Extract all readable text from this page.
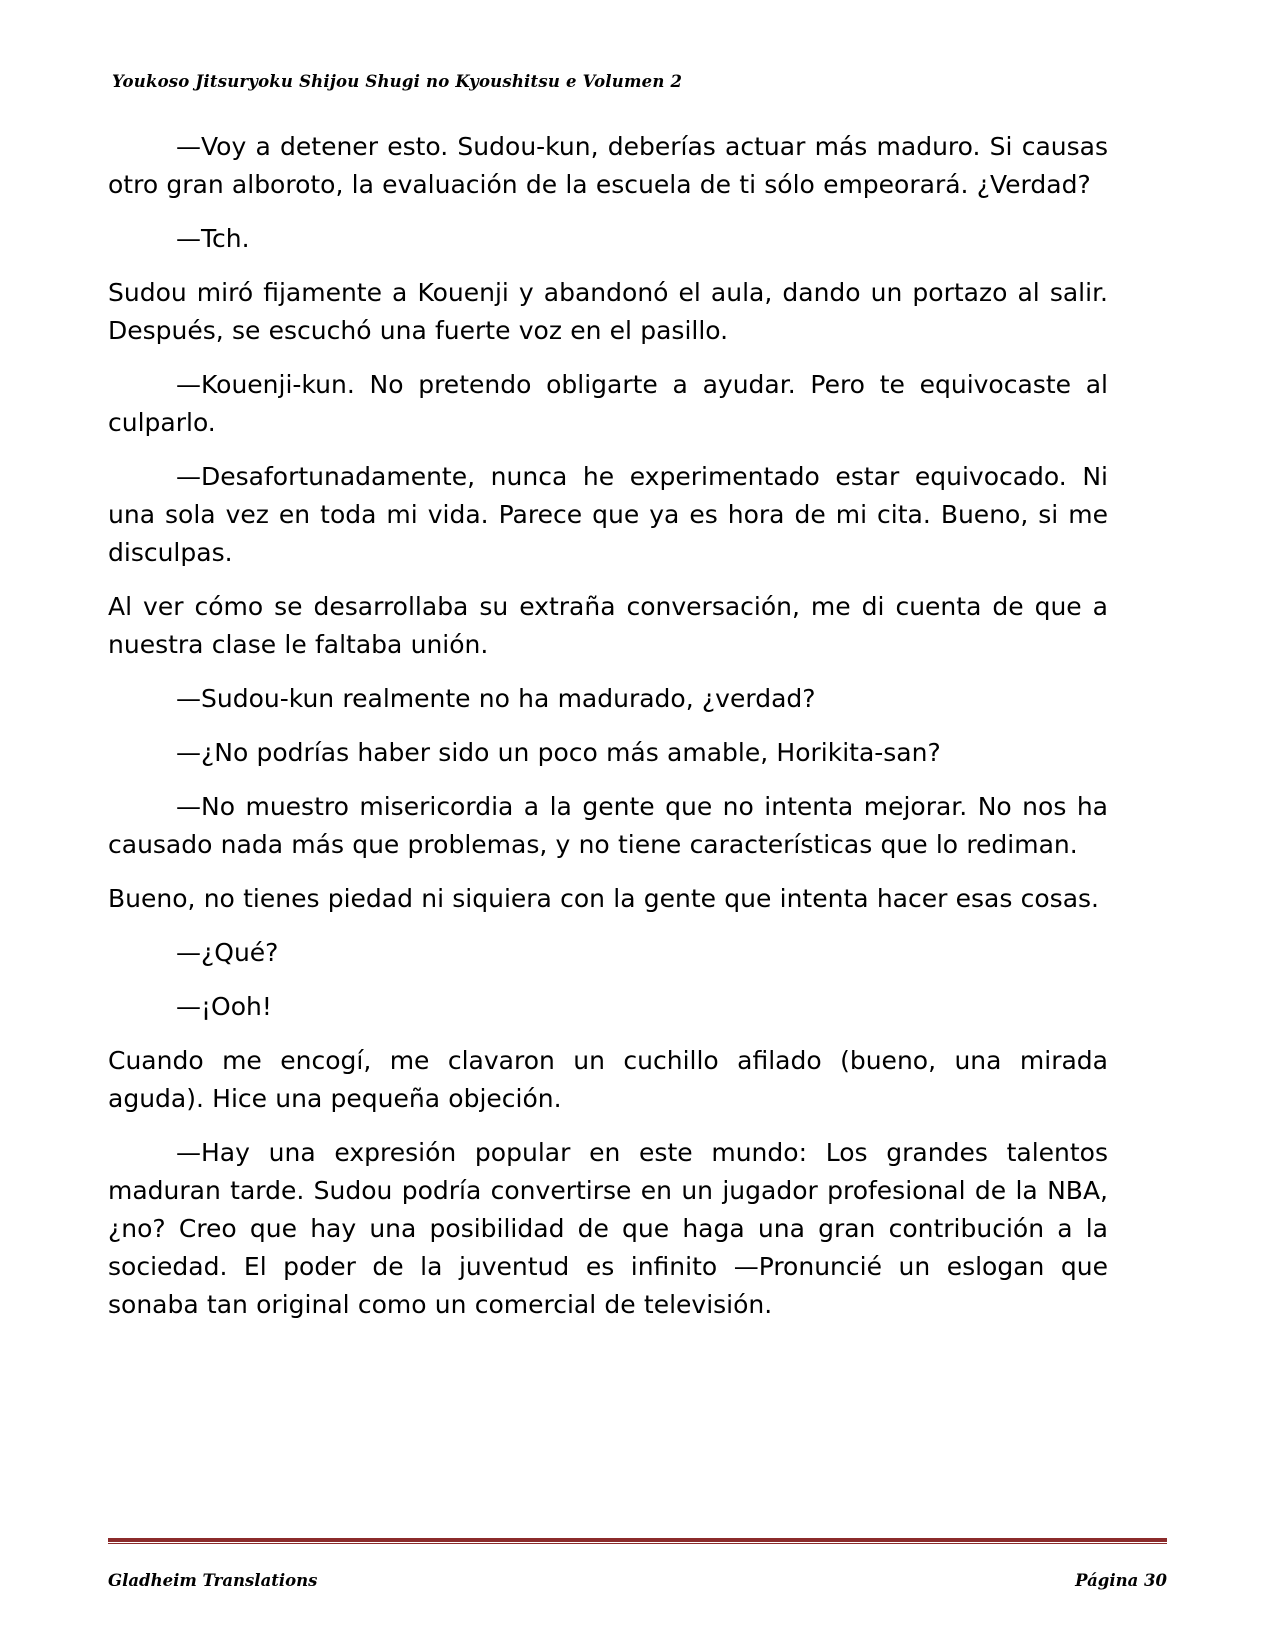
Youkoso Jitsuryoku Shijou Shugi no Kyoushitsu e Volumen 2

—Voy a detener esto. Sudou-kun, deberías actuar más maduro. Si causas otro gran alboroto, la evaluación de la escuela de ti sólo empeorará. ¿Verdad?

—Tch.

Sudou miró fijamente a Kouenji y abandonó el aula, dando un portazo al salir. Después, se escuchó una fuerte voz en el pasillo.

—Kouenji-kun. No pretendo obligarte a ayudar. Pero te equivocaste al culparlo.

—Desafortunadamente, nunca he experimentado estar equivocado. Ni una sola vez en toda mi vida. Parece que ya es hora de mi cita. Bueno, si me disculpas.

Al ver cómo se desarrollaba su extraña conversación, me di cuenta de que a nuestra clase le faltaba unión.

—Sudou-kun realmente no ha madurado, ¿verdad?

—¿No podrías haber sido un poco más amable, Horikita-san?

—No muestro misericordia a la gente que no intenta mejorar. No nos ha causado nada más que problemas, y no tiene características que lo rediman.

Bueno, no tienes piedad ni siquiera con la gente que intenta hacer esas cosas.

—¿Qué?

—¡Ooh!

Cuando me encogí, me clavaron un cuchillo afilado (bueno, una mirada aguda). Hice una pequeña objeción.

—Hay una expresión popular en este mundo: Los grandes talentos maduran tarde. Sudou podría convertirse en un jugador profesional de la NBA, ¿no? Creo que hay una posibilidad de que haga una gran contribución a la sociedad. El poder de la juventud es infinito —Pronuncié un eslogan que sonaba tan original como un comercial de televisión.

Gladheim Translations	Página 30
